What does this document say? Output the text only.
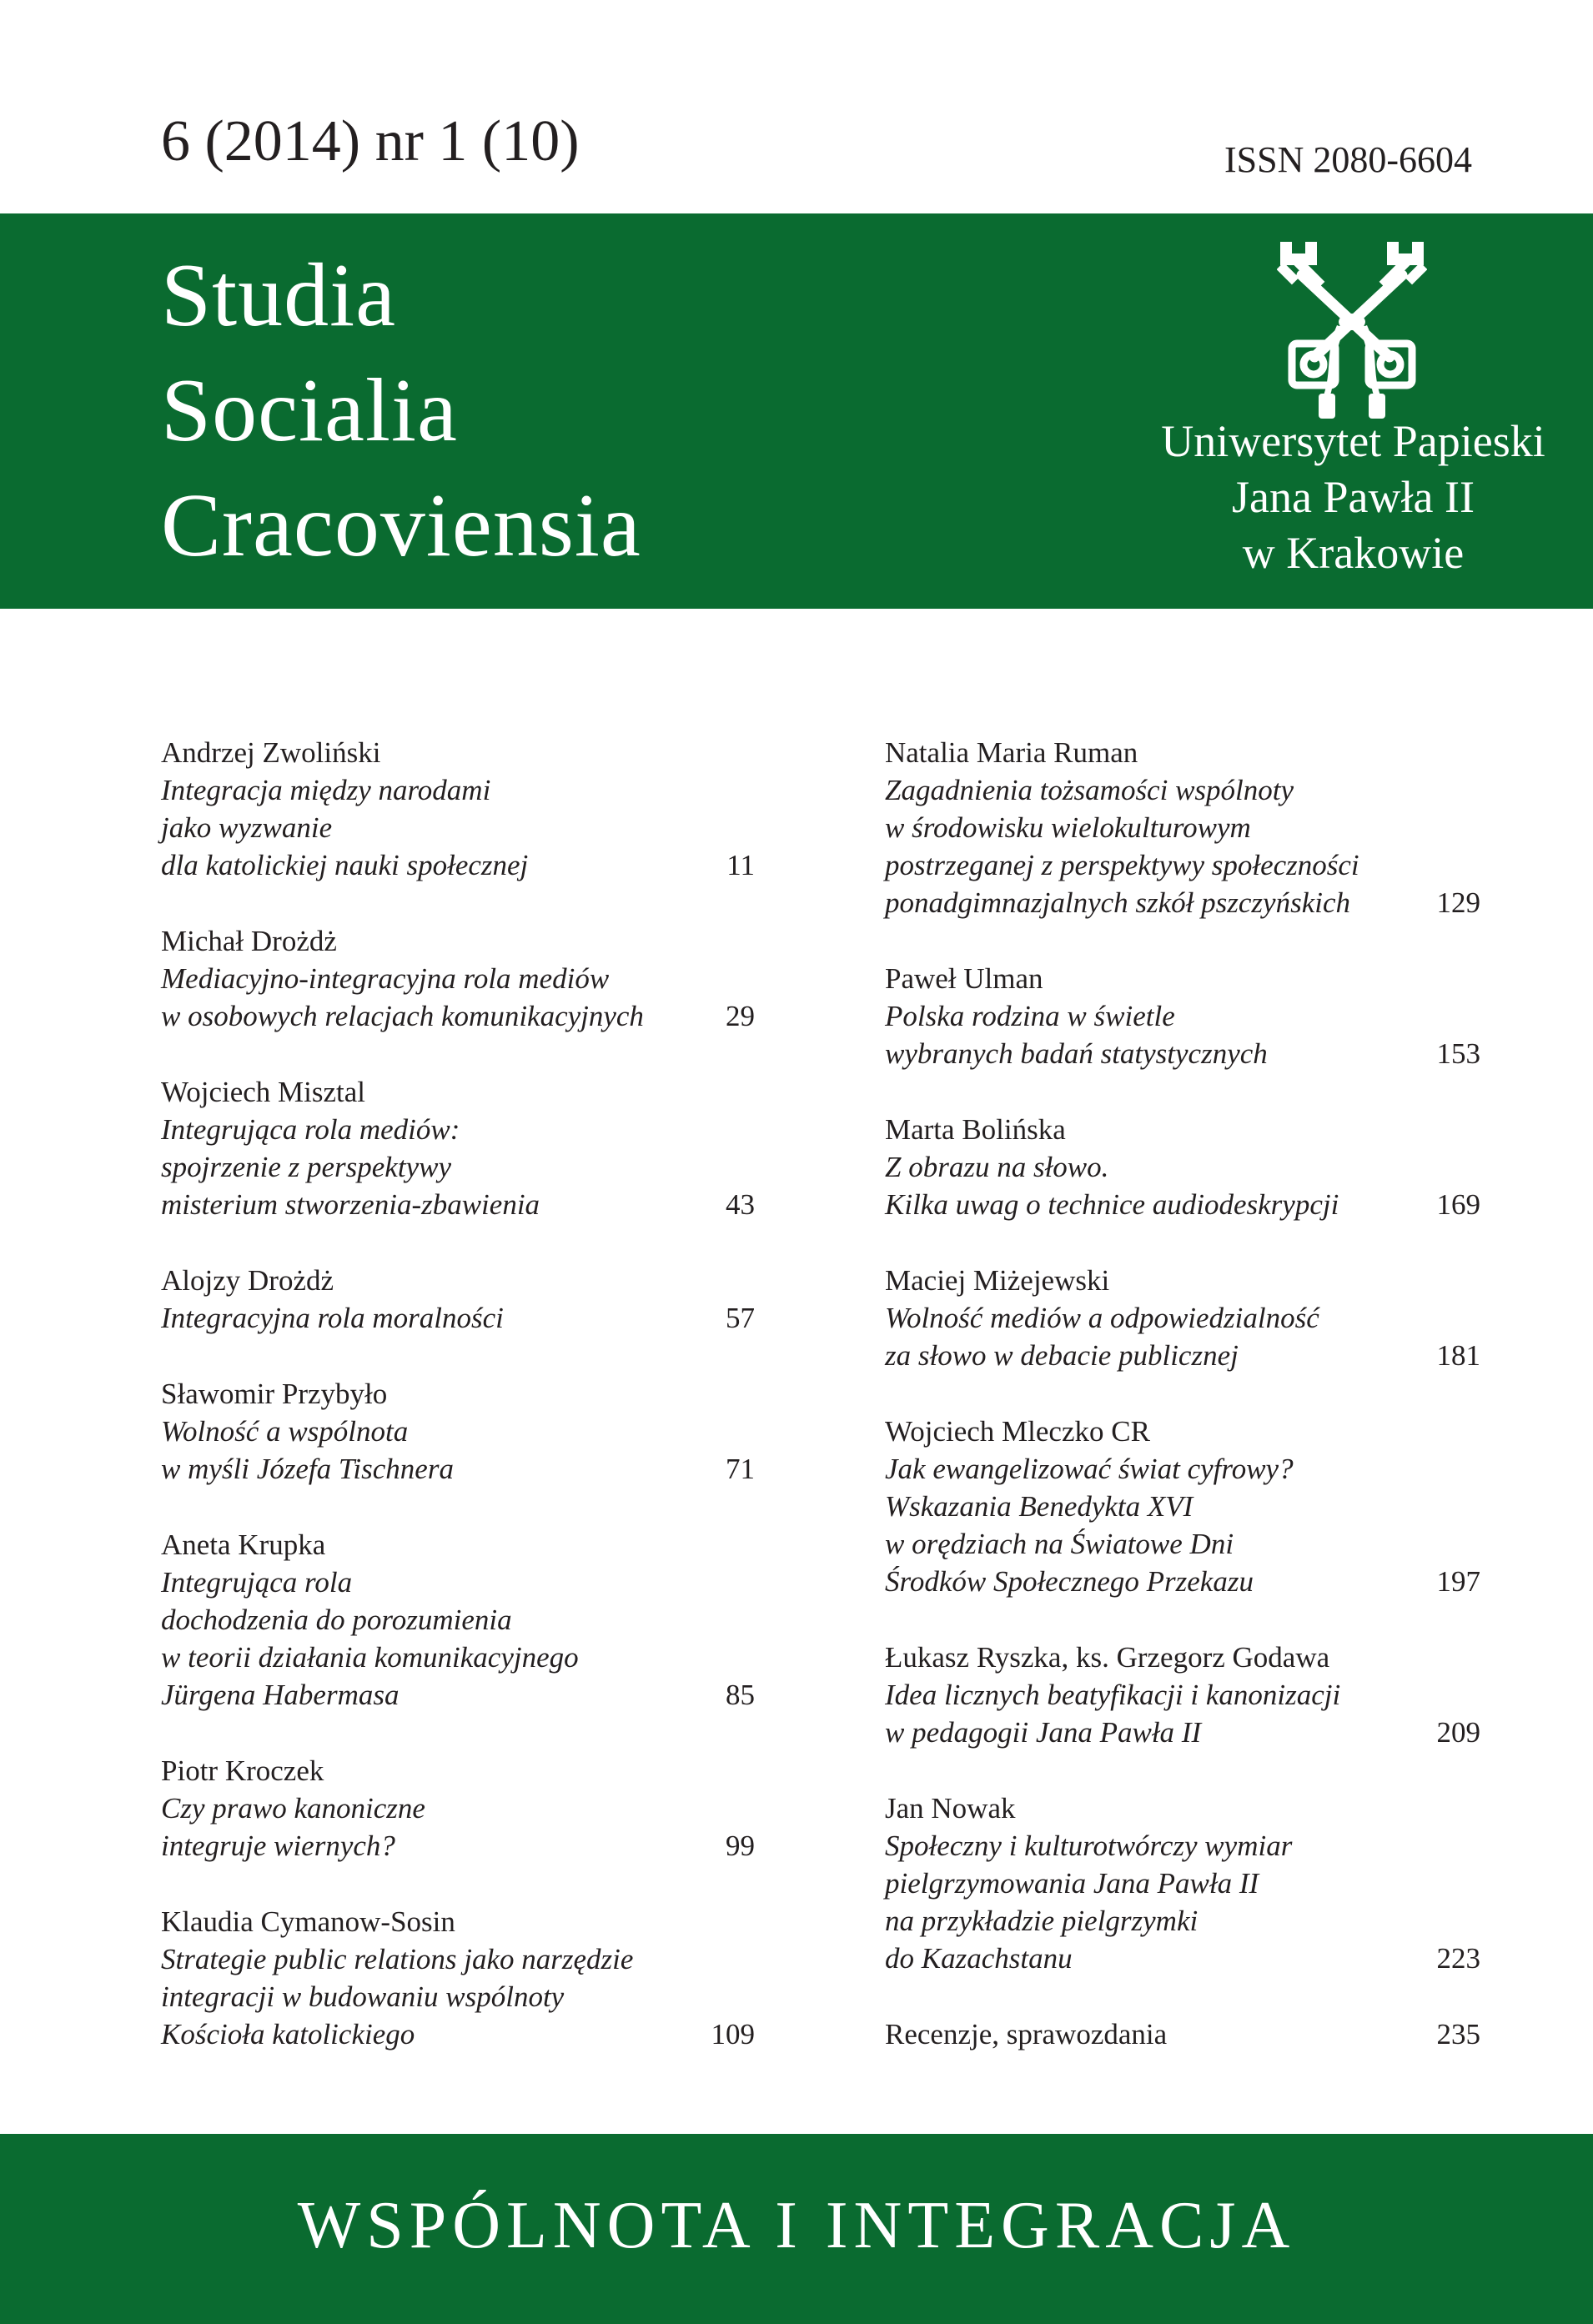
6 (2014) nr 1 (10)	ISSN 2080-6604
Studia
Socialia
Cracoviensia
Uniwersytet Papieski
Jana Pawła II
w Krakowie
Andrzej Zwoliński
Integracja między narodami
jako wyzwanie
dla katolickiej nauki społecznej	11
Michał Drożdż
Mediacyjno-integracyjna rola mediów
w osobowych relacjach komunikacyjnych	29
Wojciech Misztal
Integrująca rola mediów:
spojrzenie z perspektywy
misterium stworzenia-zbawienia	43
Alojzy Drożdż
Integracyjna rola moralności	57
Sławomir Przybyło
Wolność a wspólnota
w myśli Józefa Tischnera	71
Aneta Krupka
Integrująca rola
dochodzenia do porozumienia
w teorii działania komunikacyjnego
Jürgena Habermasa	85
Piotr Kroczek
Czy prawo kanoniczne
integruje wiernych?	99
Klaudia Cymanow-Sosin
Strategie public relations jako narzędzie
integracji w budowaniu wspólnoty
Kościoła katolickiego	109
Natalia Maria Ruman
Zagadnienia tożsamości wspólnoty
w środowisku wielokulturowym
postrzeganej z perspektywy społeczności
ponadgimnazjalnych szkół pszczyńskich	129
Paweł Ulman
Polska rodzina w świetle
wybranych badań statystycznych	153
Marta Bolińska
Z obrazu na słowo.
Kilka uwag o technice audiodeskrypcji	169
Maciej Miżejewski
Wolność mediów a odpowiedzialność
za słowo w debacie publicznej	181
Wojciech Mleczko CR
Jak ewangelizować świat cyfrowy?
Wskazania Benedykta XVI
w orędziach na Światowe Dni
Środków Społecznego Przekazu	197
Łukasz Ryszka, ks. Grzegorz Godawa
Idea licznych beatyfikacji i kanonizacji
w pedagogii Jana Pawła II	209
Jan Nowak
Społeczny i kulturotwórczy wymiar
pielgrzymowania Jana Pawła II
na przykładzie pielgrzymki
do Kazachstanu	223
Recenzje, sprawozdania	235
WSPÓLNOTA I INTEGRACJA
